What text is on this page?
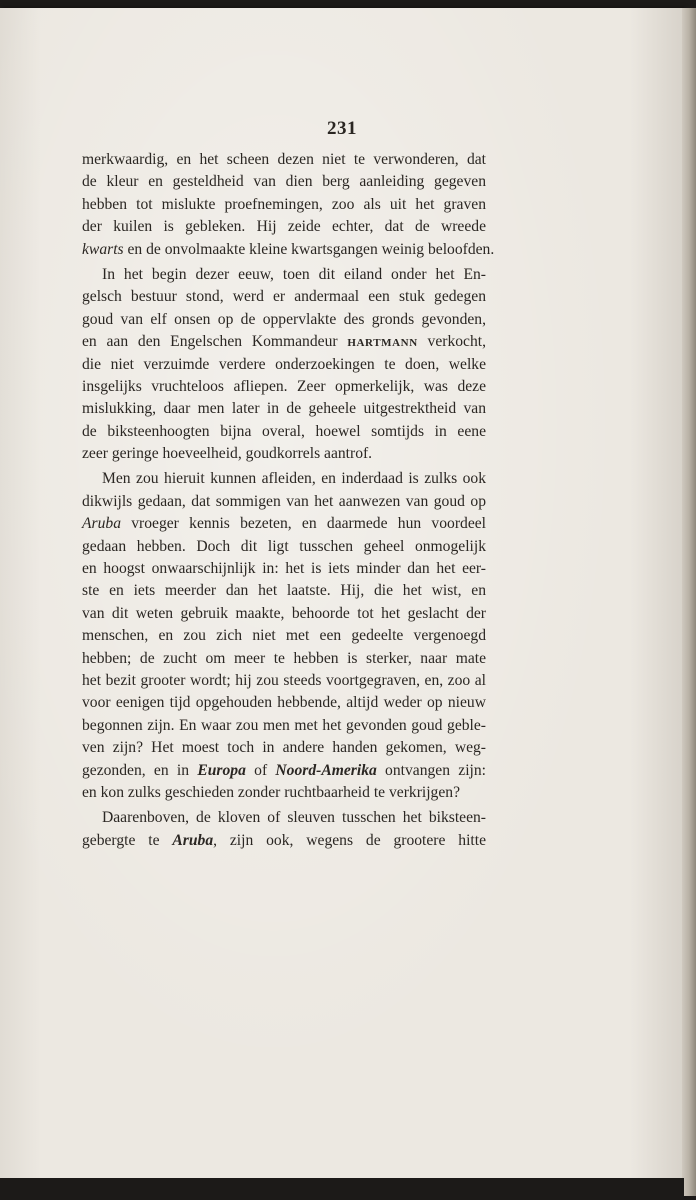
231
merkwaardig, en het scheen dezen niet te verwonderen, dat
de kleur en gesteldheid van dien berg aanleiding gegeven
hebben tot mislukte proefnemingen, zoo als uit het graven
der kuilen is gebleken. Hij zeide echter, dat de wreede
kwarts en de onvolmaakte kleine kwartsgangen weinig beloofden.
In het begin dezer eeuw, toen dit eiland onder het En-
gelsch bestuur stond, werd er andermaal een stuk gedegen
goud van elf onsen op de oppervlakte des gronds gevonden,
en aan den Engelschen Kommandeur HARTMANN verkocht,
die niet verzuimde verdere onderzoekingen te doen, welke
insgelijks vruchteloos afliepen. Zeer opmerkelijk, was deze
mislukking, daar men later in de geheele uitgestrektheid van
de biksteenhoogten bijna overal, hoewel somtijds in eene
zeer geringe hoeveelheid, goudkorrels aantrof.
Men zou hieruit kunnen afleiden, en inderdaad is zulks ook
dikwijls gedaan, dat sommigen van het aanwezen van goud op
Aruba vroeger kennis bezeten, en daarmede hun voordeel
gedaan hebben. Doch dit ligt tusschen geheel onmogelijk
en hoogst onwaarschijnlijk in: het is iets minder dan het eer-
ste en iets meerder dan het laatste. Hij, die het wist, en
van dit weten gebruik maakte, behoorde tot het geslacht der
menschen, en zou zich niet met een gedeelte vergenoegd
hebben; de zucht om meer te hebben is sterker, naar mate
het bezit grooter wordt; hij zou steeds voortgegraven, en, zoo al
voor eenigen tijd opgehouden hebbende, altijd weder op nieuw
begonnen zijn. En waar zou men met het gevonden goud geble-
ven zijn? Het moest toch in andere handen gekomen, weg-
gezonden, en in Europa of Noord-Amerika ontvangen zijn:
en kon zulks geschieden zonder ruchtbaarheid te verkrijgen?
Daarenboven, de kloven of sleuven tusschen het biksteen-
gebergte te Aruba, zijn ook, wegens de grootere hitte
